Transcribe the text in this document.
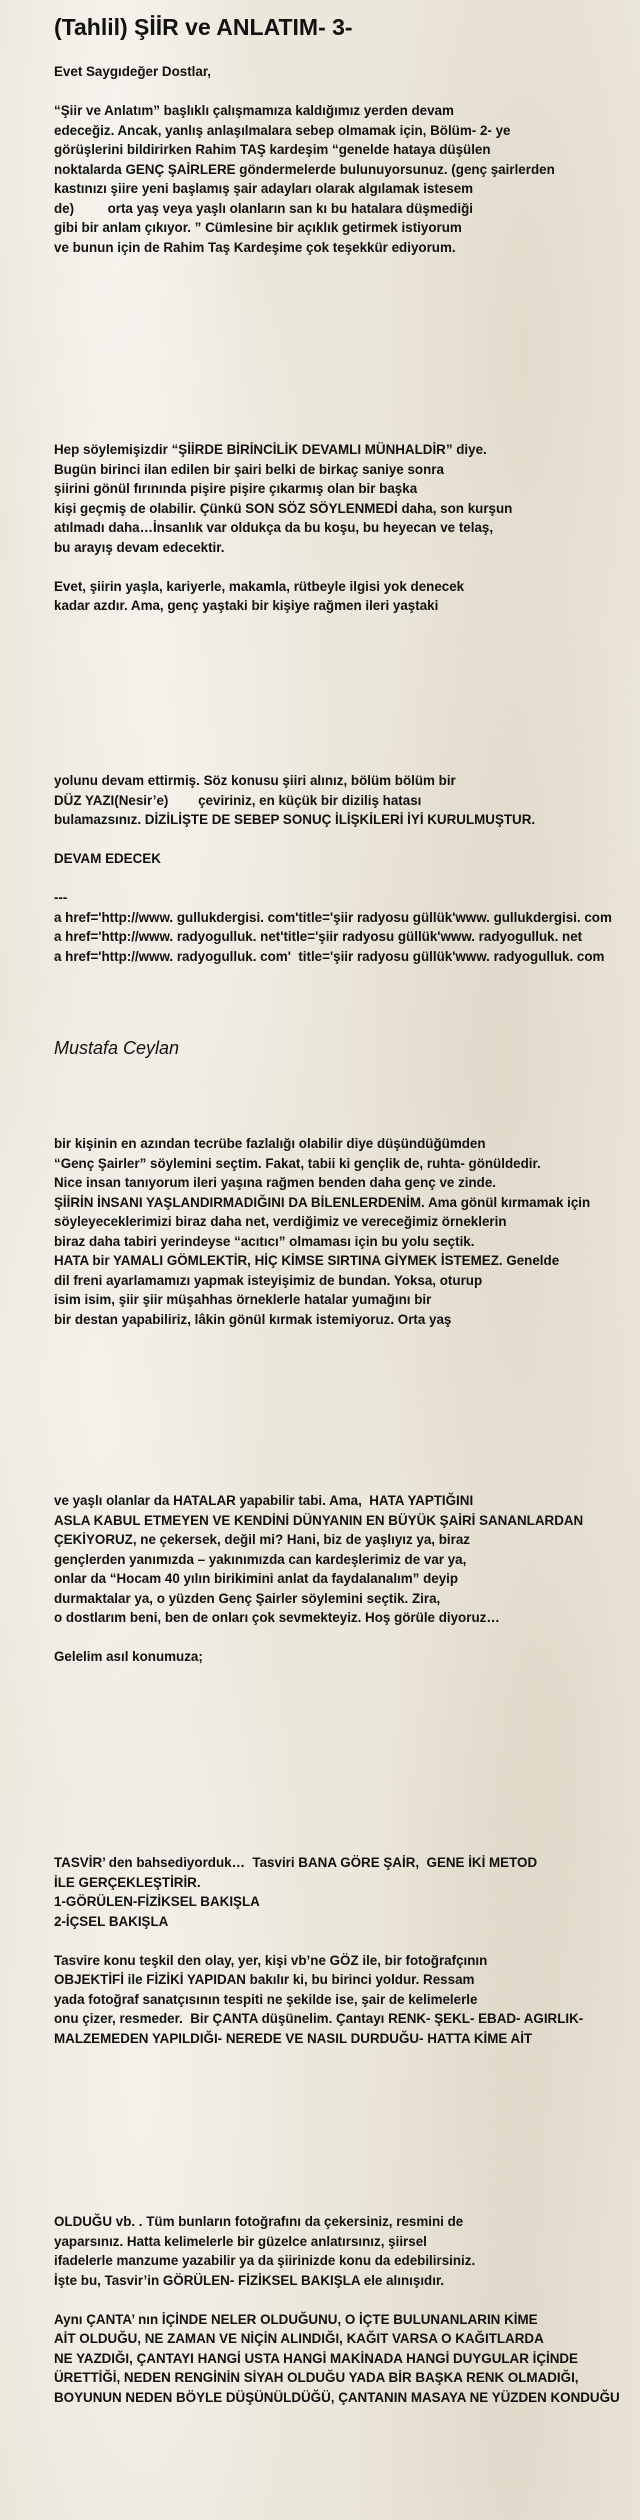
(Tahlil) ŞİİR ve ANLATIM- 3-
Evet Saygıdeğer Dostlar,
“Şiir ve Anlatım” başlıklı çalışmamıza kaldığımız yerden devam
edeceğiz. Ancak, yanlış anlaşılmalara sebep olmamak için, Bölüm- 2- ye
görüşlerini bildirirken Rahim TAŞ kardeşim “genelde hataya düşülen
noktalarda GENÇ ŞAİRLERE göndermelerde bulunuyorsunuz. (genç şairlerden
kastınızı şiire yeni başlamış şair adayları olarak algılamak istesem
de)         orta yaş veya yaşlı olanların san kı bu hatalara düşmediği
gibi bir anlam çıkıyor. ” Cümlesine bir açıklık getirmek istiyorum
ve bunun için de Rahim Taş Kardeşime çok teşekkür ediyorum.
Hep söylemişizdir “ŞİİRDE BİRİNCİLİK DEVAMLI MÜNHALDİR” diye.
Bugün birinci ilan edilen bir şairi belki de birkaç saniye sonra
şiirini gönül fırınında pişire pişire çıkarmış olan bir başka
kişi geçmiş de olabilir. Çünkü SON SÖZ SÖYLENMEDİ daha, son kurşun
atılmadı daha…İnsanlık var oldukça da bu koşu, bu heyecan ve telaş,
bu arayış devam edecektir.
Evet, şiirin yaşla, kariyerle, makamla, rütbeyle ilgisi yok denecek
kadar azdır. Ama, genç yaştaki bir kişiye rağmen ileri yaştaki
yolunu devam ettirmiş. Söz konusu şiiri alınız, bölüm bölüm bir
DÜZ YAZI(Nesir’e)        çeviriniz, en küçük bir diziliş hatası
bulamazsınız. DİZİLİŞTE DE SEBEP SONUÇ İLİŞKİLERİ İYİ KURULMUŞTUR.
DEVAM EDECEK
---
a href='http://www. gullukdergisi. com'title='şiir radyosu güllük'www. gullukdergisi. com
a href='http://www. radyogulluk. net'title='şiir radyosu güllük'www. radyogulluk. net
a href='http://www. radyogulluk. com'  title='şiir radyosu güllük'www. radyogulluk. com
Mustafa Ceylan
bir kişinin en azından tecrübe fazlalığı olabilir diye düşündüğümden
“Genç Şairler” söylemini seçtim. Fakat, tabii ki gençlik de, ruhta- gönüldedir.
Nice insan tanıyorum ileri yaşına rağmen benden daha genç ve zinde.
ŞİİRİN İNSANI YAŞLANDIRMADIĞINI DA BİLENLERDENİM. Ama gönül kırmamak için
söyleyeceklerimizi biraz daha net, verdiğimiz ve vereceğimiz örneklerin
biraz daha tabiri yerindeyse “acıtıcı” olmaması için bu yolu seçtik.
HATA bir YAMALI GÖMLEKTİR, HİÇ KİMSE SIRTINA GİYMEK İSTEMEZ. Genelde
dil freni ayarlamamızı yapmak isteyişimiz de bundan. Yoksa, oturup
isim isim, şiir şiir müşahhas örneklerle hatalar yumağını bir
bir destan yapabiliriz, lâkin gönül kırmak istemiyoruz. Orta yaş
ve yaşlı olanlar da HATALAR yapabilir tabi. Ama,  HATA YAPTIĞINI
ASLA KABUL ETMEYEN VE KENDİNİ DÜNYANIN EN BÜYÜK ŞAİRİ SANANLARDAN
ÇEKİYORUZ, ne çekersek, değil mi? Hani, biz de yaşlıyız ya, biraz
gençlerden yanımızda – yakınımızda can kardeşlerimiz de var ya,
onlar da “Hocam 40 yılın birikimini anlat da faydalanalım” deyip
durmaktalar ya, o yüzden Genç Şairler söylemini seçtik. Zira,
o dostlarım beni, ben de onları çok sevmekteyiz. Hoş görüle diyoruz…
Gelelim asıl konumuza;
TASVİR’ den bahsediyorduk…  Tasviri BANA GÖRE ŞAİR,  GENE İKİ METOD
İLE GERÇEKLEŞTİRİR.
1-GÖRÜLEN-FİZİKSEL BAKIŞLA
2-İÇSEL BAKIŞLA
Tasvire konu teşkil den olay, yer, kişi vb’ne GÖZ ile, bir fotoğrafçının
OBJEKTİFİ ile FİZİKİ YAPIDAN bakılır ki, bu birinci yoldur. Ressam
yada fotoğraf sanatçısının tespiti ne şekilde ise, şair de kelimelerle
onu çizer, resmeder.  Bir ÇANTA düşünelim. Çantayı RENK- ŞEKL- EBAD- AGIRLIK-
MALZEMEDEN YAPILDIĞI- NEREDE VE NASIL DURDUĞU- HATTA KİME AİT
OLDUĞU vb. . Tüm bunların fotoğrafını da çekersiniz, resmini de
yaparsınız. Hatta kelimelerle bir güzelce anlatırsınız, şiirsel
ifadelerle manzume yazabilir ya da şiirinizde konu da edebilirsiniz.
İşte bu, Tasvir’in GÖRÜLEN- FİZİKSEL BAKIŞLA ele alınışıdır.
Aynı ÇANTA’ nın İÇİNDE NELER OLDUĞUNU, O İÇTE BULUNANLARIN KİME
AİT OLDUĞU, NE ZAMAN VE NİÇİN ALINDIĞI, KAĞIT VARSA O KAĞITLARDA
NE YAZDIĞI, ÇANTAYI HANGİ USTA HANGİ MAKİNADA HANGİ DUYGULAR İÇİNDE
ÜRETTİĞİ, NEDEN RENGİNİN SİYAH OLDUĞU YADA BİR BAŞKA RENK OLMADIĞI,
BOYUNUN NEDEN BÖYLE DÜŞÜNÜLDÜĞÜ, ÇANTANIN MASAYA NE YÜZDEN KONDUĞU
